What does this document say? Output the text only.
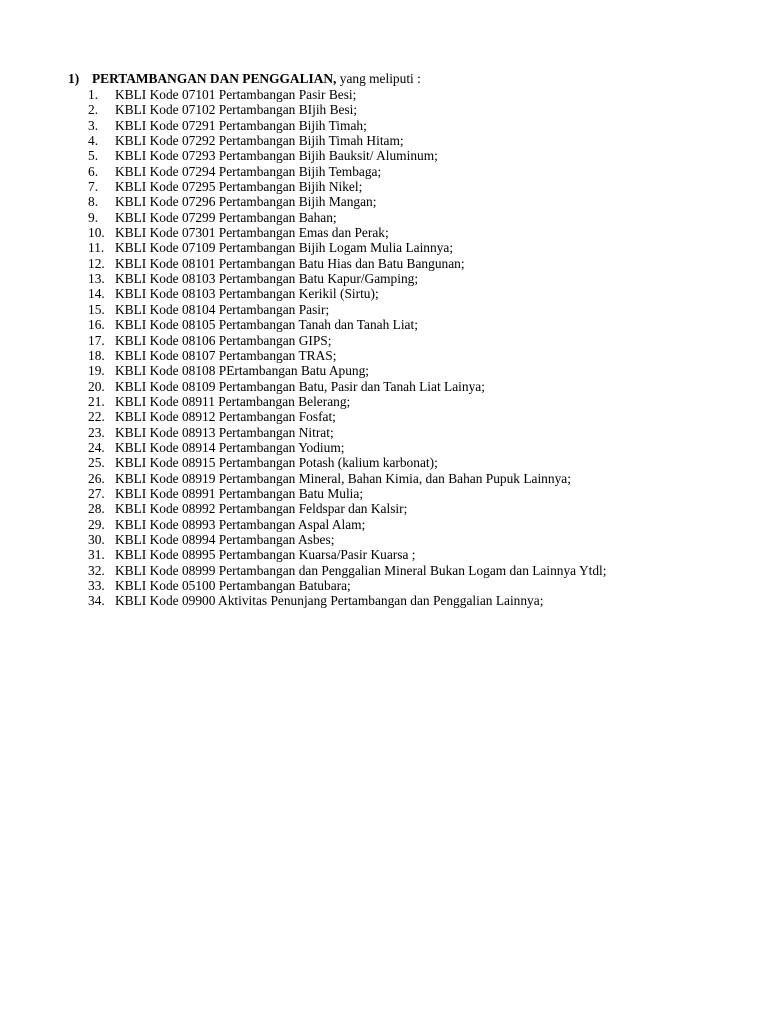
1) PERTAMBANGAN DAN PENGGALIAN, yang meliputi :
1. KBLI Kode 07101 Pertambangan Pasir Besi;
2. KBLI Kode 07102 Pertambangan BIjih Besi;
3. KBLI Kode 07291 Pertambangan Bijih Timah;
4. KBLI Kode 07292 Pertambangan Bijih Timah Hitam;
5. KBLI Kode 07293 Pertambangan Bijih Bauksit/ Aluminum;
6. KBLI Kode 07294 Pertambangan Bijih Tembaga;
7. KBLI Kode 07295 Pertambangan Bijih Nikel;
8. KBLI Kode 07296 Pertambangan Bijih Mangan;
9. KBLI Kode 07299 Pertambangan Bahan;
10. KBLI Kode 07301 Pertambangan Emas dan Perak;
11. KBLI Kode 07109 Pertambangan Bijih Logam Mulia Lainnya;
12. KBLI Kode 08101 Pertambangan Batu Hias dan Batu Bangunan;
13. KBLI Kode 08103 Pertambangan Batu Kapur/Gamping;
14. KBLI Kode 08103 Pertambangan Kerikil (Sirtu);
15. KBLI Kode 08104 Pertambangan Pasir;
16. KBLI Kode 08105 Pertambangan Tanah dan Tanah Liat;
17. KBLI Kode 08106 Pertambangan GIPS;
18. KBLI Kode 08107 Pertambangan TRAS;
19. KBLI Kode 08108 PErtambangan Batu Apung;
20. KBLI Kode 08109 Pertambangan Batu, Pasir dan Tanah Liat Lainya;
21. KBLI Kode 08911 Pertambangan Belerang;
22. KBLI Kode 08912 Pertambangan Fosfat;
23. KBLI Kode 08913 Pertambangan Nitrat;
24. KBLI Kode 08914 Pertambangan Yodium;
25. KBLI Kode 08915 Pertambangan Potash (kalium karbonat);
26. KBLI Kode 08919 Pertambangan Mineral, Bahan Kimia, dan Bahan Pupuk Lainnya;
27. KBLI Kode 08991 Pertambangan Batu Mulia;
28. KBLI Kode 08992 Pertambangan Feldspar dan Kalsir;
29. KBLI Kode 08993 Pertambangan Aspal Alam;
30. KBLI Kode 08994 Pertambangan Asbes;
31. KBLI Kode 08995 Pertambangan Kuarsa/Pasir Kuarsa ;
32. KBLI Kode 08999 Pertambangan dan Penggalian Mineral Bukan Logam dan Lainnya Ytdl;
33. KBLI Kode 05100 Pertambangan Batubara;
34. KBLI Kode 09900 Aktivitas Penunjang Pertambangan dan Penggalian Lainnya;
